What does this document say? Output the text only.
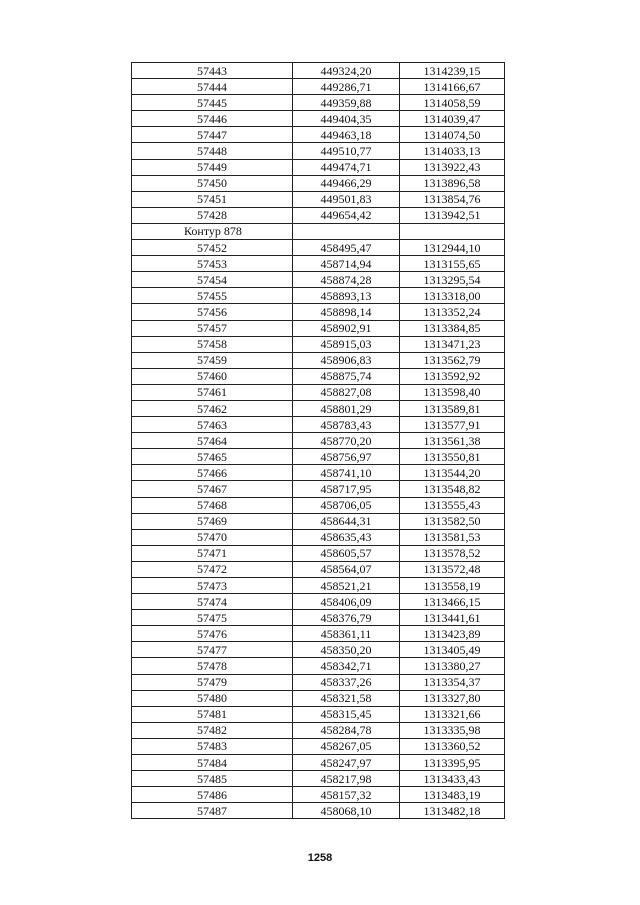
57443	449324,20	1314239,15
57444	449286,71	1314166,67
57445	449359,88	1314058,59
57446	449404,35	1314039,47
57447	449463,18	1314074,50
57448	449510,77	1314033,13
57449	449474,71	1313922,43
57450	449466,29	1313896,58
57451	449501,83	1313854,76
57428	449654,42	1313942,51
Контур 878		
57452	458495,47	1312944,10
57453	458714,94	1313155,65
57454	458874,28	1313295,54
57455	458893,13	1313318,00
57456	458898,14	1313352,24
57457	458902,91	1313384,85
57458	458915,03	1313471,23
57459	458906,83	1313562,79
57460	458875,74	1313592,92
57461	458827,08	1313598,40
57462	458801,29	1313589,81
57463	458783,43	1313577,91
57464	458770,20	1313561,38
57465	458756,97	1313550,81
57466	458741,10	1313544,20
57467	458717,95	1313548,82
57468	458706,05	1313555,43
57469	458644,31	1313582,50
57470	458635,43	1313581,53
57471	458605,57	1313578,52
57472	458564,07	1313572,48
57473	458521,21	1313558,19
57474	458406,09	1313466,15
57475	458376,79	1313441,61
57476	458361,11	1313423,89
57477	458350,20	1313405,49
57478	458342,71	1313380,27
57479	458337,26	1313354,37
57480	458321,58	1313327,80
57481	458315,45	1313321,66
57482	458284,78	1313335,98
57483	458267,05	1313360,52
57484	458247,97	1313395,95
57485	458217,98	1313433,43
57486	458157,32	1313483,19
57487	458068,10	1313482,18
1258
